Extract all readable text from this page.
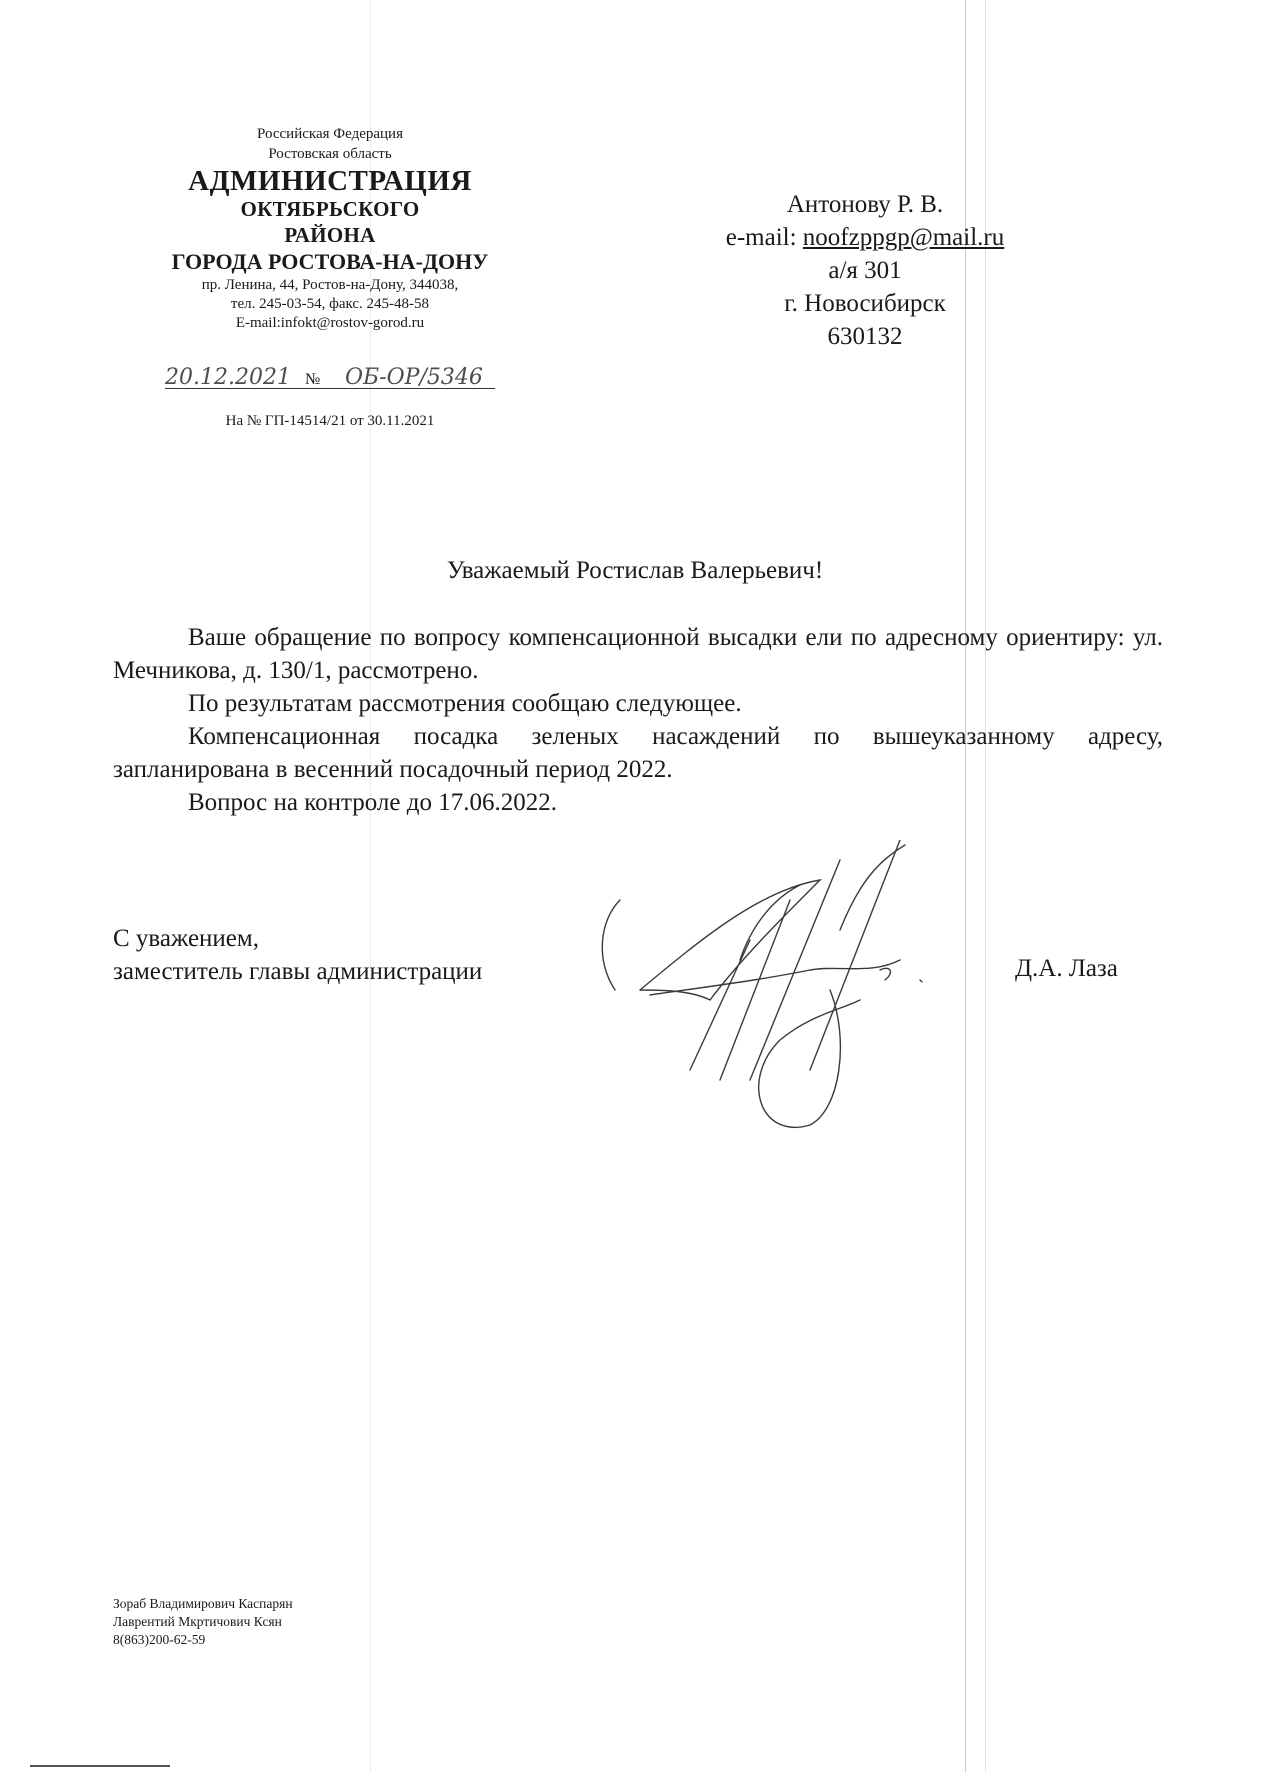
Российская Федерация
Ростовская область
АДМИНИСТРАЦИЯ
ОКТЯБРЬСКОГО
РАЙОНА
ГОРОДА РОСТОВА-НА-ДОНУ
пр. Ленина, 44, Ростов-на-Дону, 344038,
тел. 245-03-54, факс. 245-48-58
E-mail:infokt@rostov-gorod.ru
20.12.2021 № ОБ-ОР/5346
На № ГП-14514/21 от 30.11.2021
Антонову Р. В.
e-mail: noofzppgp@mail.ru
а/я 301
г. Новосибирск
630132
Уважаемый Ростислав Валерьевич!

Ваше обращение по вопросу компенсационной высадки ели по адресному ориентиру: ул. Мечникова, д. 130/1, рассмотрено.

По результатам рассмотрения сообщаю следующее.

Компенсационная посадка зеленых насаждений по вышеуказанному адресу, запланирована в весенний посадочный период 2022.

Вопрос на контроле до 17.06.2022.

С уважением,
заместитель главы администрации	Д.А. Лаза
Зораб Владимирович Каспарян
Лаврентий Мкртичович Ксян
8(863)200-62-59
